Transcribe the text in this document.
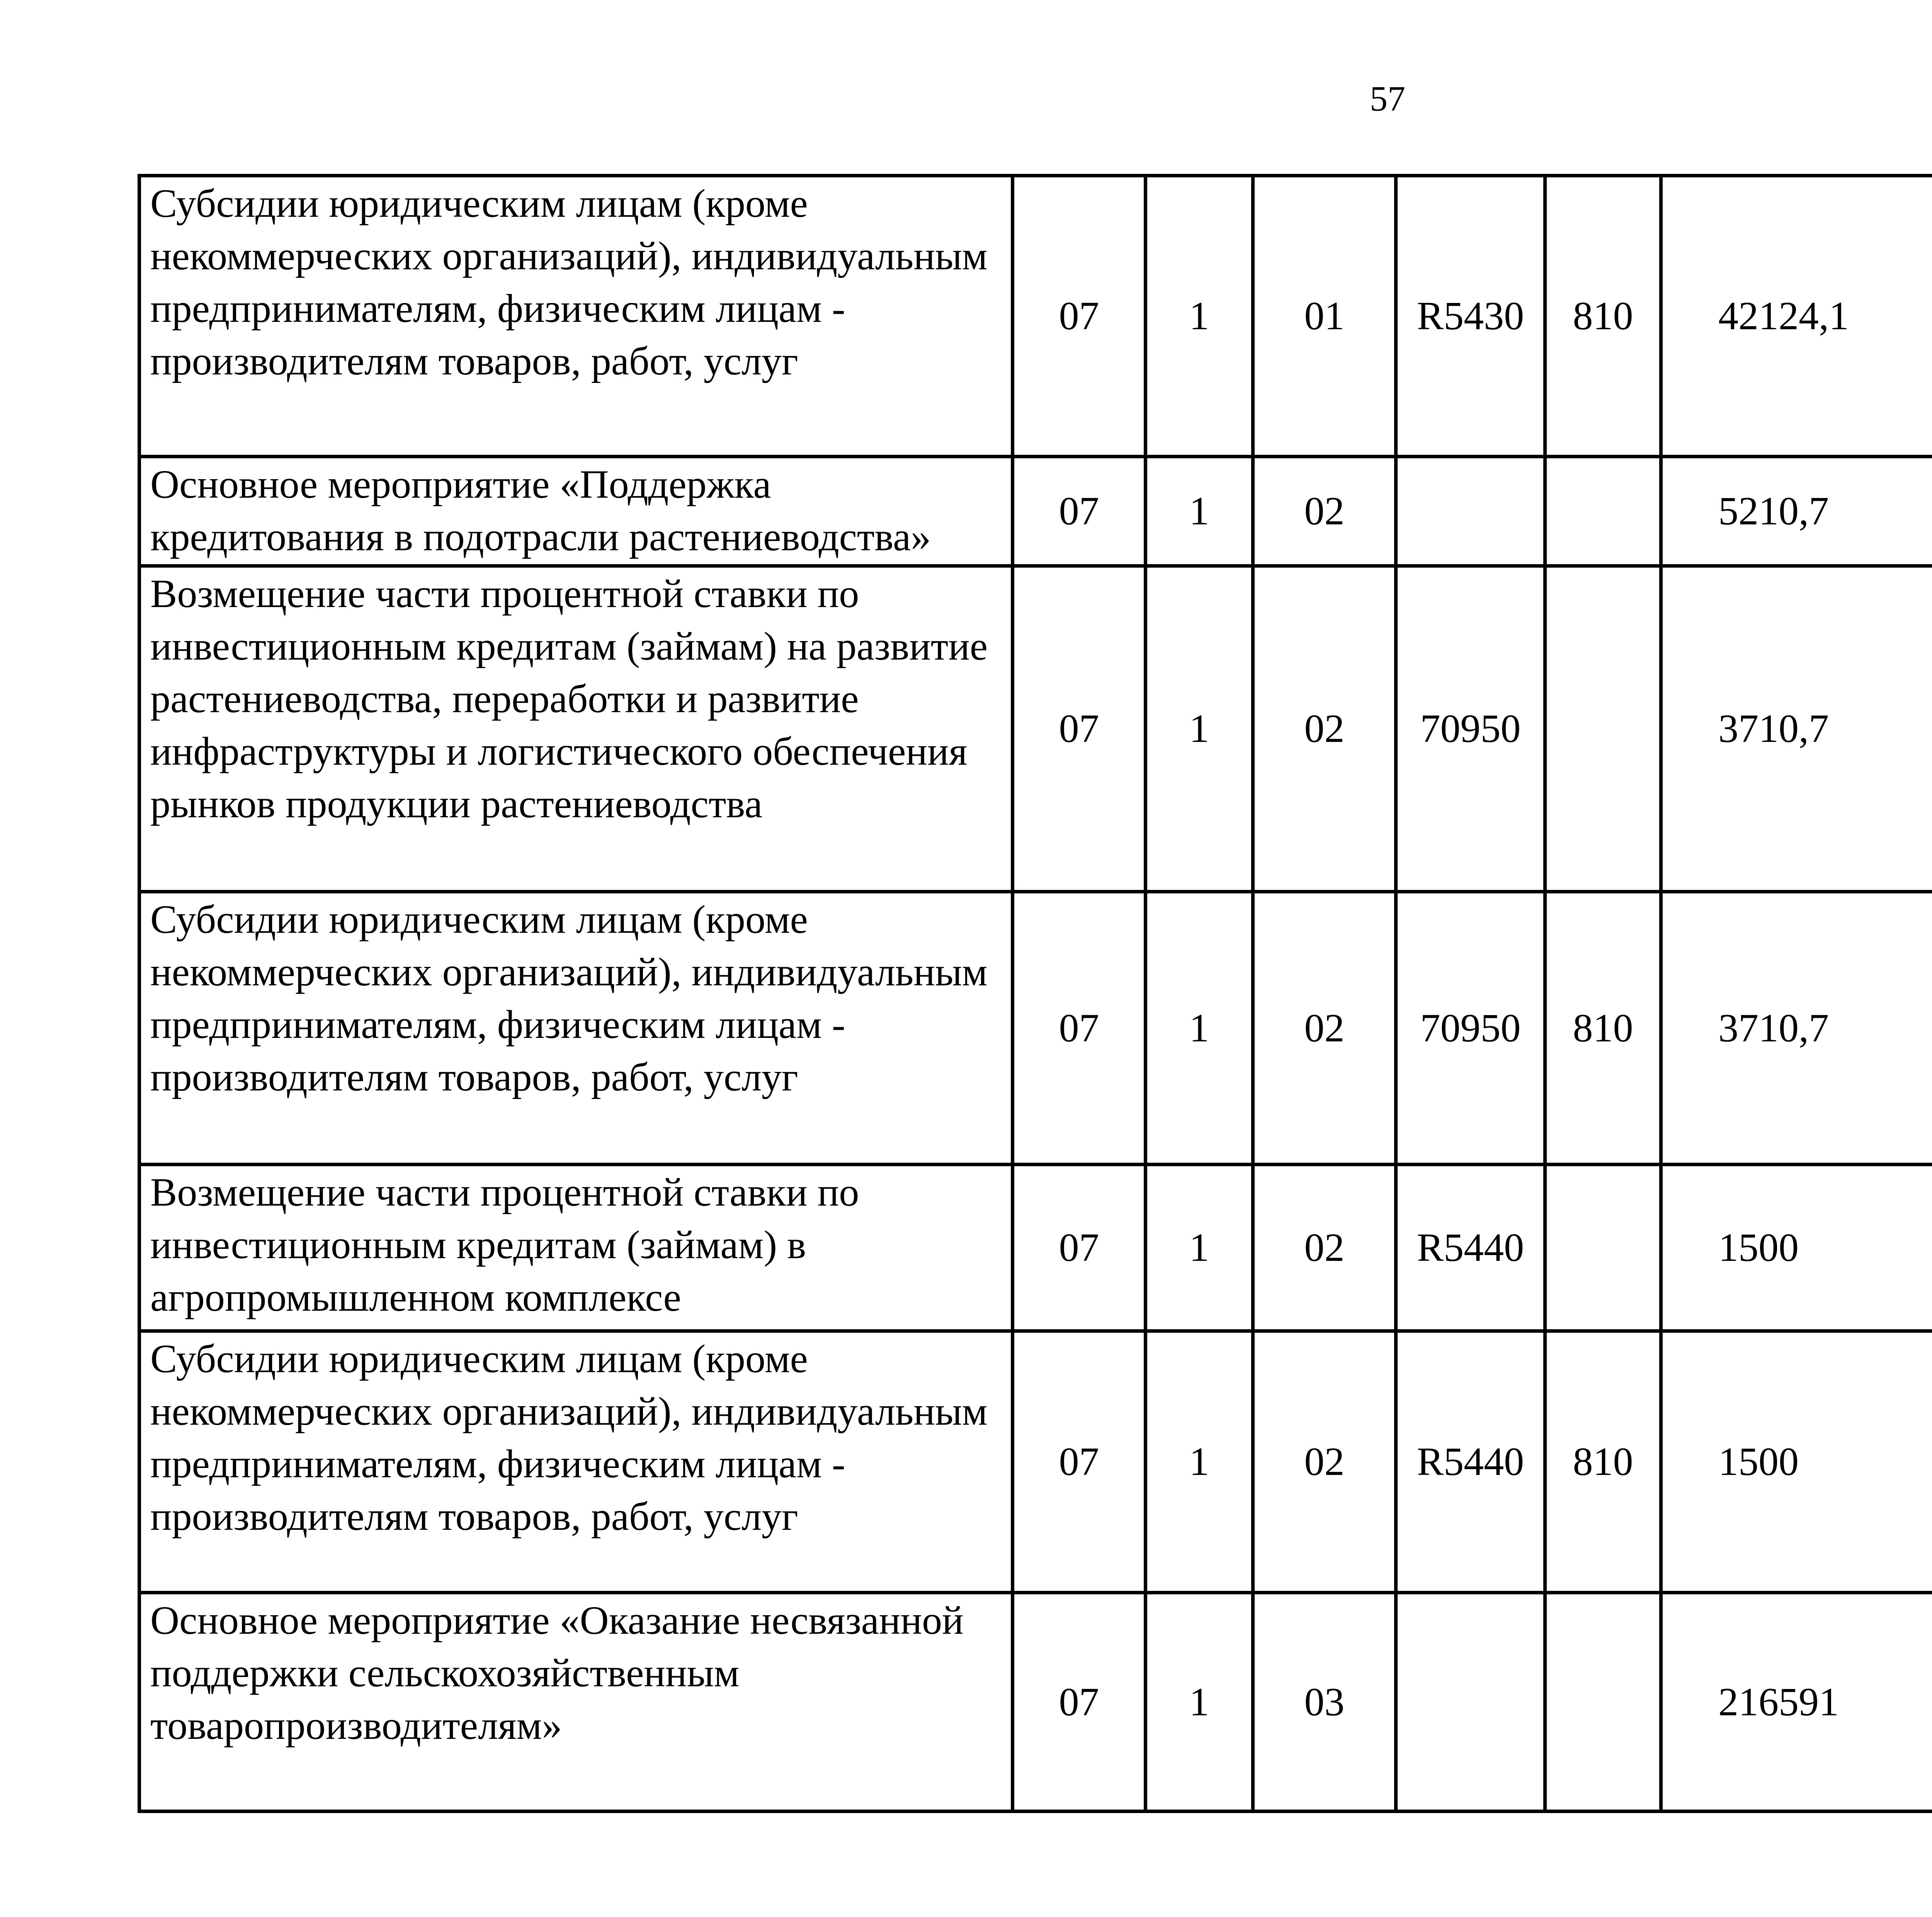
57
Субсидии юридическим лицам (кроме некоммерческих организаций), индивидуальным предпринимателям, физическим лицам - производителям товаров, работ, услуг	07	1	01	R5430	810	42124,1		

Основное мероприятие «Поддержка кредитования в подотрасли растениеводства»	07	1	02			5210,7		

Возмещение части процентной ставки по инвестиционным кредитам (займам) на развитие растениеводства, переработки и развитие инфраструктуры и логистического обеспечения рынков продукции растениеводства	07	1	02	70950		3710,7		

Субсидии юридическим лицам (кроме некоммерческих организаций), индивидуальным предпринимателям, физическим лицам - производителям товаров, работ, услуг	07	1	02	70950	810	3710,7		

Возмещение части процентной ставки по инвестиционным кредитам (займам) в агропромышленном комплексе	07	1	02	R5440		1500		

Субсидии юридическим лицам (кроме некоммерческих организаций), индивидуальным предпринимателям, физическим лицам - производителям товаров, работ, услуг	07	1	02	R5440	810	1500		

Основное мероприятие «Оказание несвязанной поддержки сельскохозяйственным товаропроизводителям»	07	1	03			216591		
